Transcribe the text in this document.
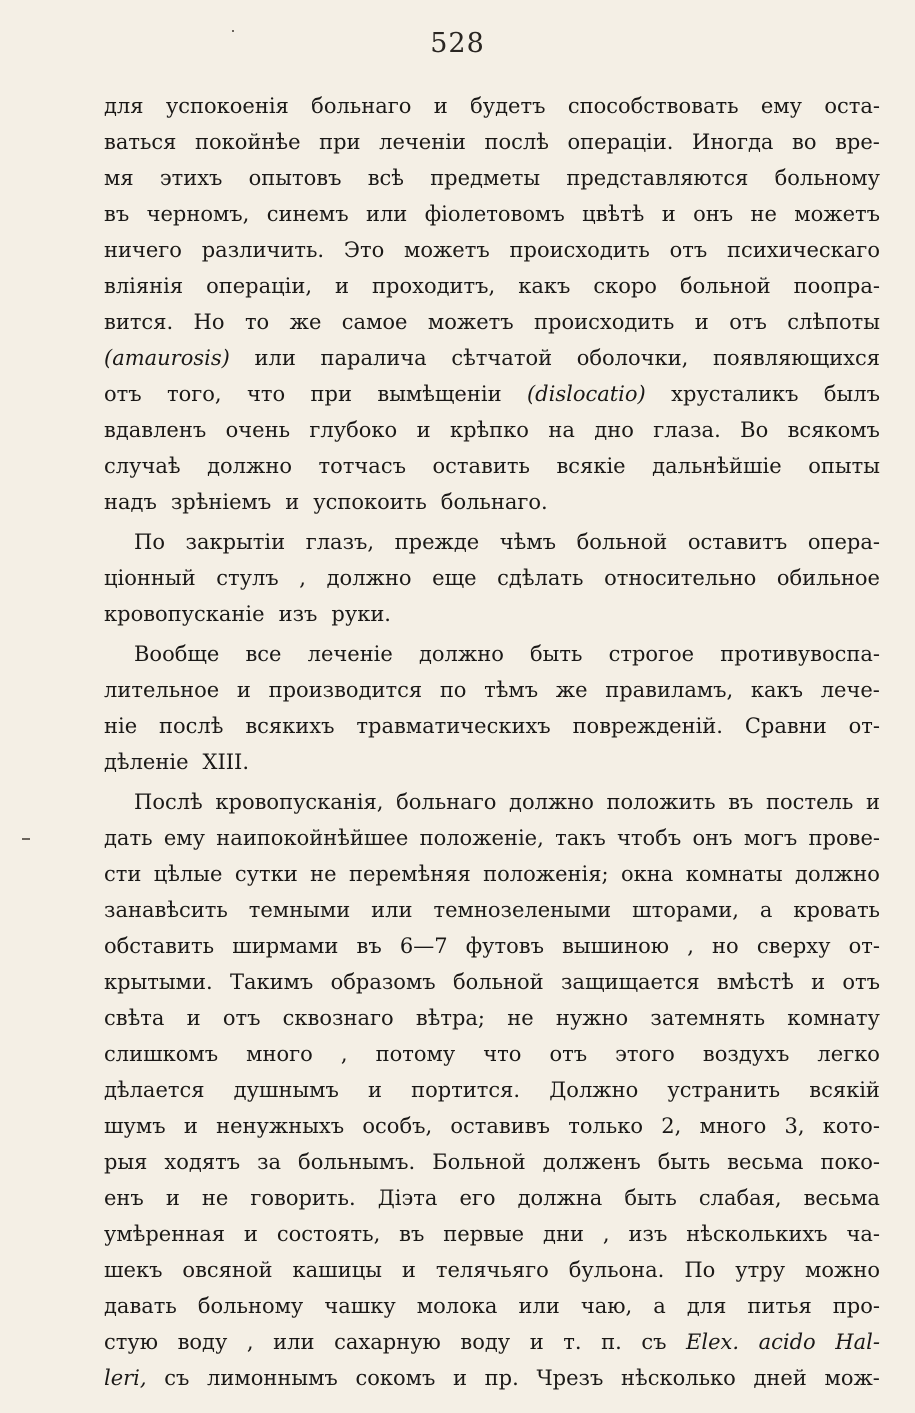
528
для успокоенія больнаго и будетъ способствовать ему оста-
ваться покойнѣе при леченіи послѣ операціи. Иногда во вре-
мя этихъ опытовъ всѣ предметы представляются больному
въ черномъ, синемъ или фіолетовомъ цвѣтѣ и онъ не можетъ
ничего различить. Это можетъ происходить отъ психическаго
вліянія операціи, и проходитъ, какъ скоро больной поопра-
вится. Но то же самое можетъ происходить и отъ слѣпоты
(amaurosis) или паралича сѣтчатой оболочки, появляющихся
отъ того, что при вымѣщеніи (dislocatio) хрусталикъ былъ
вдавленъ очень глубоко и крѣпко на дно глаза. Во всякомъ
случаѣ должно тотчасъ оставить всякіе дальнѣйшіе опыты
надъ зрѣніемъ и успокоить больнаго.
По закрытіи глазъ, прежде чѣмъ больной оставитъ опера-
ціонный стулъ , должно еще сдѣлать относительно обильное
кровопусканіе изъ руки.
Вообще все леченіе должно быть строгое противувоспа-
лительное и производится по тѣмъ же правиламъ, какъ лече-
ніе послѣ всякихъ травматическихъ поврежденій. Сравни от-
дѣленіе XIII.
Послѣ кровопусканія, больнаго должно положить въ постель и
дать ему наипокойнѣйшее положеніе, такъ чтобъ онъ могъ прове-
сти цѣлые сутки не перемѣняя положенія; окна комнаты должно
занавѣсить темными или темнозелеными шторами, а кровать
обставить ширмами въ 6—7 футовъ вышиною , но сверху от-
крытыми. Такимъ образомъ больной защищается вмѣстѣ и отъ
свѣта и отъ сквознаго вѣтра; не нужно затемнять комнату
слишкомъ много , потому что отъ этого воздухъ легко
дѣлается душнымъ и портится. Должно устранить всякій
шумъ и ненужныхъ особъ, оставивъ только 2, много 3, кото-
рыя ходятъ за больнымъ. Больной долженъ быть весьма поко-
енъ и не говорить. Діэта его должна быть слабая, весьма
умѣренная и состоять, въ первые дни , изъ нѣсколькихъ ча-
шекъ овсяной кашицы и телячьяго бульона. По утру можно
давать больному чашку молока или чаю, а для питья про-
стую воду , или сахарную воду и т. п. съ Elex. acido Hal-
leri, съ лимоннымъ сокомъ и пр. Чрезъ нѣсколько дней мож-
